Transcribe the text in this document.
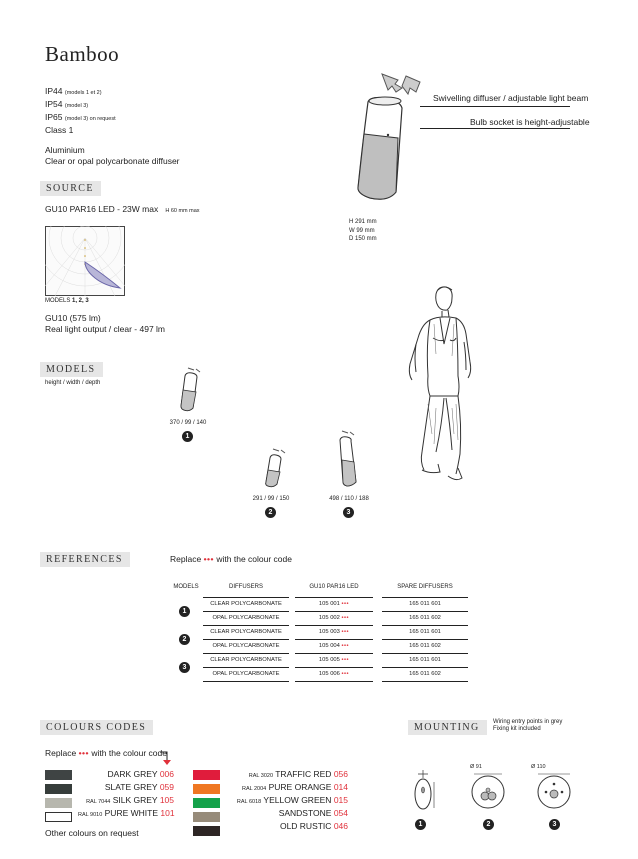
Bamboo
IP44 (models 1 et 2)
IP54 (model 3)
IP65 (model 3) on request
Class 1
Aluminium
Clear or opal polycarbonate diffuser
Swivelling diffuser / adjustable light beam
Bulb socket is height-adjustable
H 291 mm
W 99 mm
D 150 mm
SOURCE
GU10 PAR16 LED - 23W max H 60 mm max
MODELS 1, 2, 3
GU10 (575 lm)
Real light output / clear - 497 lm
MODELS
height / width / depth
370 / 99 / 140
1
291 / 99 / 150
2
498 / 110 / 188
3
REFERENCES	Replace ••• with the colour code
MODELS	DIFFUSERS	GU10 PAR16 LED	SPARE DIFFUSERS
1
CLEAR POLYCARBONATE	105 001 •••	165 011 601
OPAL POLYCARBONATE	105 002 •••	165 011 602
2
CLEAR POLYCARBONATE	105 003 •••	165 011 601
OPAL POLYCARBONATE	105 004 •••	165 011 602
3
CLEAR POLYCARBONATE	105 005 •••	165 011 601
OPAL POLYCARBONATE	105 006 •••	165 011 602
COLOURS CODES
Replace ••• with the colour code
DARK GREY 006
SLATE GREY 059
RAL 7044 SILK GREY 105
RAL 9010 PURE WHITE 101
Other colours on request
RAL 3020 TRAFFIC RED 056
RAL 2004 PURE ORANGE 014
RAL 6018 YELLOW GREEN 015
SANDSTONE 054
OLD RUSTIC 046
MOUNTING	Wiring entry points in grey
Fixing kit included
1
Ø 91
2
Ø 110
3
